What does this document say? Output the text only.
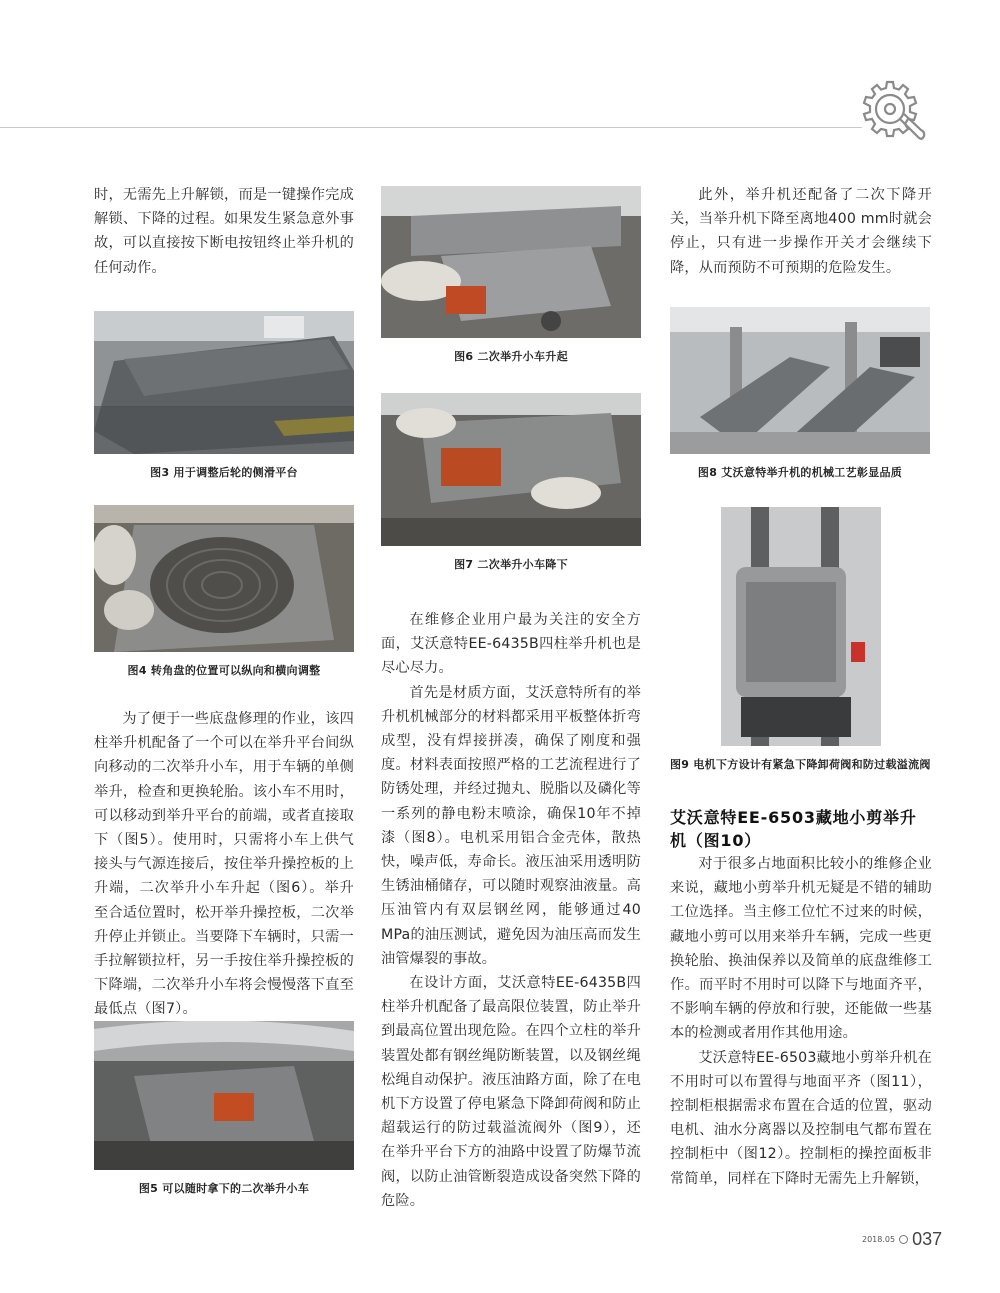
时，无需先上升解锁，而是一键操作完成解锁、下降的过程。如果发生紧急意外事故，可以直接按下断电按钮终止举升机的任何动作。

图3 用于调整后轮的侧滑平台
图4 转角盘的位置可以纵向和横向调整

为了便于一些底盘修理的作业，该四柱举升机配备了一个可以在举升平台间纵向移动的二次举升小车，用于车辆的单侧举升，检查和更换轮胎。该小车不用时，可以移动到举升平台的前端，或者直接取下（图5）。使用时，只需将小车上供气接头与气源连接后，按住举升操控板的上升端，二次举升小车升起（图6）。举升至合适位置时，松开举升操控板，二次举升停止并锁止。当要降下车辆时，只需一手拉解锁拉杆，另一手按住举升操控板的下降端，二次举升小车将会慢慢落下直至最低点（图7）。

图5 可以随时拿下的二次举升小车
图6 二次举升小车升起
图7 二次举升小车降下

在维修企业用户最为关注的安全方面，艾沃意特EE-6435B四柱举升机也是尽心尽力。

首先是材质方面，艾沃意特所有的举升机机械部分的材料都采用平板整体折弯成型，没有焊接拼凑，确保了刚度和强度。材料表面按照严格的工艺流程进行了防锈处理，并经过抛丸、脱脂以及磷化等一系列的静电粉末喷涂，确保10年不掉漆（图8）。电机采用铝合金壳体，散热快，噪声低，寿命长。液压油采用透明防生锈油桶储存，可以随时观察油液量。高压油管内有双层钢丝网，能够通过40 MPa的油压测试，避免因为油压高而发生油管爆裂的事故。

在设计方面，艾沃意特EE-6435B四柱举升机配备了最高限位装置，防止举升到最高位置出现危险。在四个立柱的举升装置处都有钢丝绳防断装置，以及钢丝绳松绳自动保护。液压油路方面，除了在电机下方设置了停电紧急下降卸荷阀和防止超载运行的防过载溢流阀外（图9），还在举升平台下方的油路中设置了防爆节流阀，以防止油管断裂造成设备突然下降的危险。

此外，举升机还配备了二次下降开关，当举升机下降至离地400 mm时就会停止，只有进一步操作开关才会继续下降，从而预防不可预期的危险发生。

图8 艾沃意特举升机的机械工艺彰显品质
图9 电机下方设计有紧急下降卸荷阀和防过载溢流阀
艾沃意特EE-6503藏地小剪举升机（图10）

对于很多占地面积比较小的维修企业来说，藏地小剪举升机无疑是不错的辅助工位选择。当主修工位忙不过来的时候，藏地小剪可以用来举升车辆，完成一些更换轮胎、换油保养以及简单的底盘维修工作。而平时不用时可以降下与地面齐平，不影响车辆的停放和行驶，还能做一些基本的检测或者用作其他用途。

艾沃意特EE-6503藏地小剪举升机在不用时可以布置得与地面平齐（图11），控制柜根据需求布置在合适的位置，驱动电机、油水分离器以及控制电气都布置在控制柜中（图12）。控制柜的操控面板非常简单，同样在下降时无需先上升解锁，

2018.05 037
